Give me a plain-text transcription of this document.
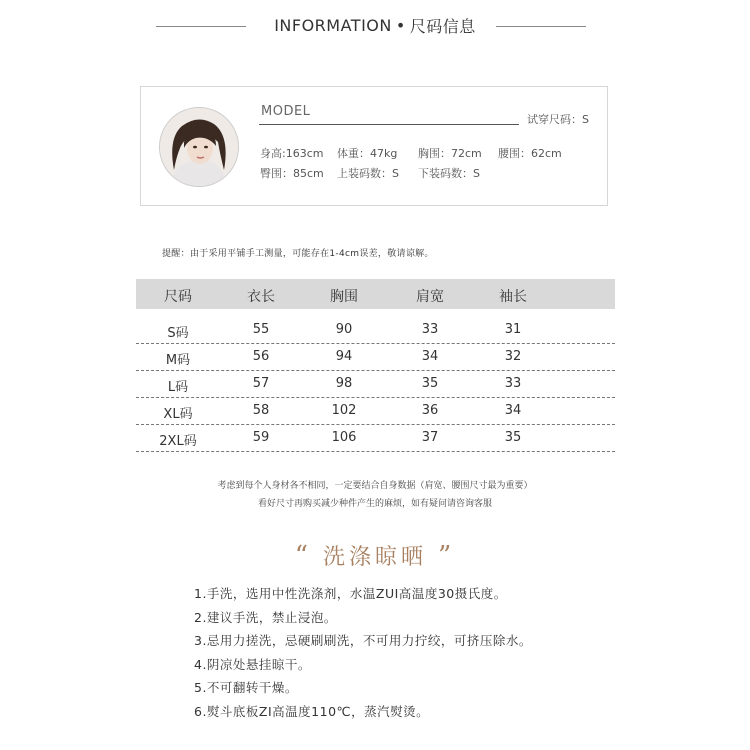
INFORMATION • 尺码信息
MODEL
试穿尺码：S
身高:163cm 体重：47kg 胸围：72cm 腰围：62cm
臀围：85cm 上装码数：S 下装码数：S
提醒：由于采用平铺手工测量，可能存在1-4cm误差，敬请谅解。
尺码	衣长	胸围	肩宽	袖长
S码	55	90	33	31
M码	56	94	34	32
L码	57	98	35	33
XL码	58	102	36	34
2XL码	59	106	37	35
考虑到每个人身材各不相同，一定要结合自身数据（肩宽、腰围尺寸最为重要）
看好尺寸再购买减少种件产生的麻烦，如有疑问请咨询客服
“ 洗涤晾晒 ”
1.手洗，选用中性洗涤剂，水温ZUI高温度30摄氏度。
2.建议手洗，禁止浸泡。
3.忌用力搓洗，忌硬刷刷洗，不可用力拧绞，可挤压除水。
4.阴凉处悬挂晾干。
5.不可翻转干燥。
6.熨斗底板ZI高温度110℃，蒸汽熨烫。
